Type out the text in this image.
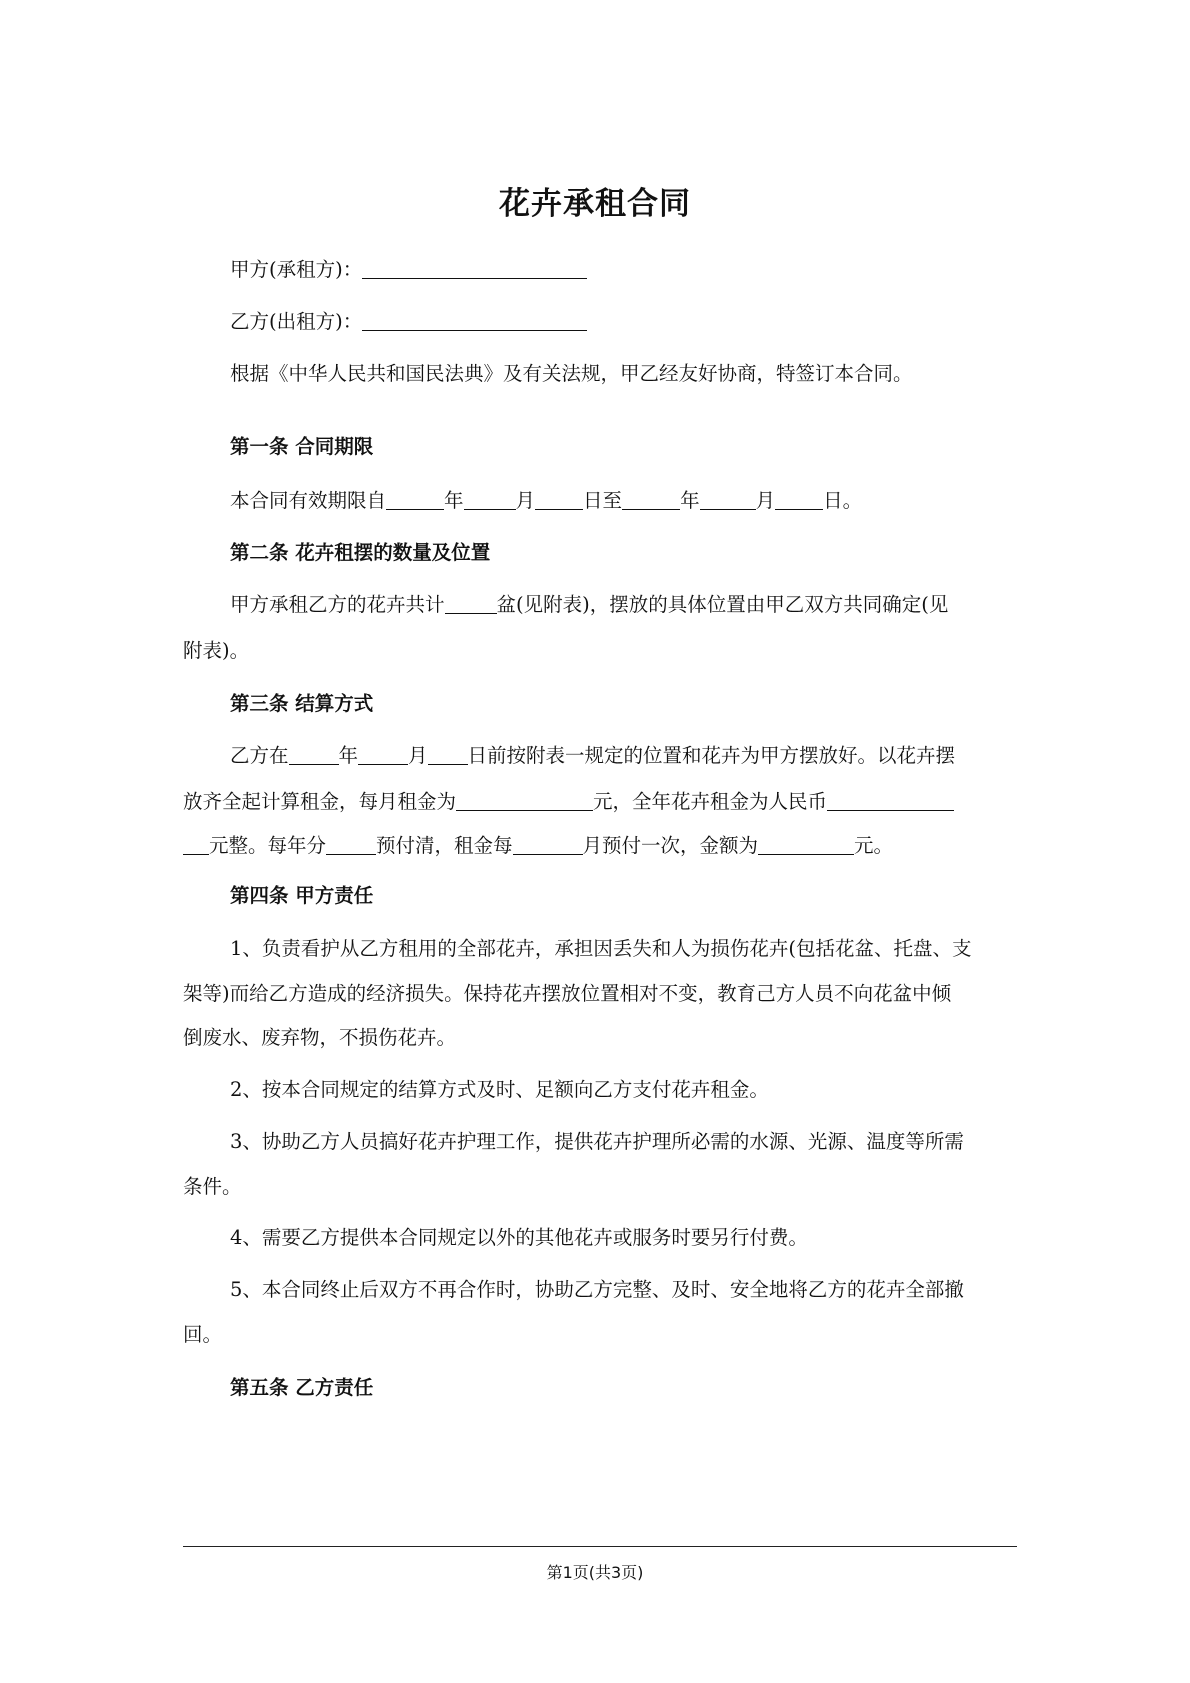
花卉承租合同
甲方(承租方)：
乙方(出租方)：
根据《中华人民共和国民法典》及有关法规，甲乙经友好协商，特签订本合同。
第一条 合同期限
本合同有效期限自	年	月 日至	年	月 日。
第二条 花卉租摆的数量及位置
甲方承租乙方的花卉共计	盆(见附表)，摆放的具体位置由甲乙双方共同确定(见
附表)。
第三条 结算方式
乙方在	年	月 日前按附表一规定的位置和花卉为甲方摆放好。以花卉摆
放齐全起计算租金，每月租金为	元，全年花卉租金为人民币
元整。每年分	预付清，租金每	月预付一次，金额为	元。
第四条 甲方责任
1、负责看护从乙方租用的全部花卉，承担因丢失和人为损伤花卉(包括花盆、托盘、支
架等)而给乙方造成的经济损失。保持花卉摆放位置相对不变，教育己方人员不向花盆中倾
倒废水、废弃物，不损伤花卉。
2、按本合同规定的结算方式及时、足额向乙方支付花卉租金。
3、协助乙方人员搞好花卉护理工作，提供花卉护理所必需的水源、光源、温度等所需
条件。
4、需要乙方提供本合同规定以外的其他花卉或服务时要另行付费。
5、本合同终止后双方不再合作时，协助乙方完整、及时、安全地将乙方的花卉全部撤
回。
第五条 乙方责任
第1页(共3页)
